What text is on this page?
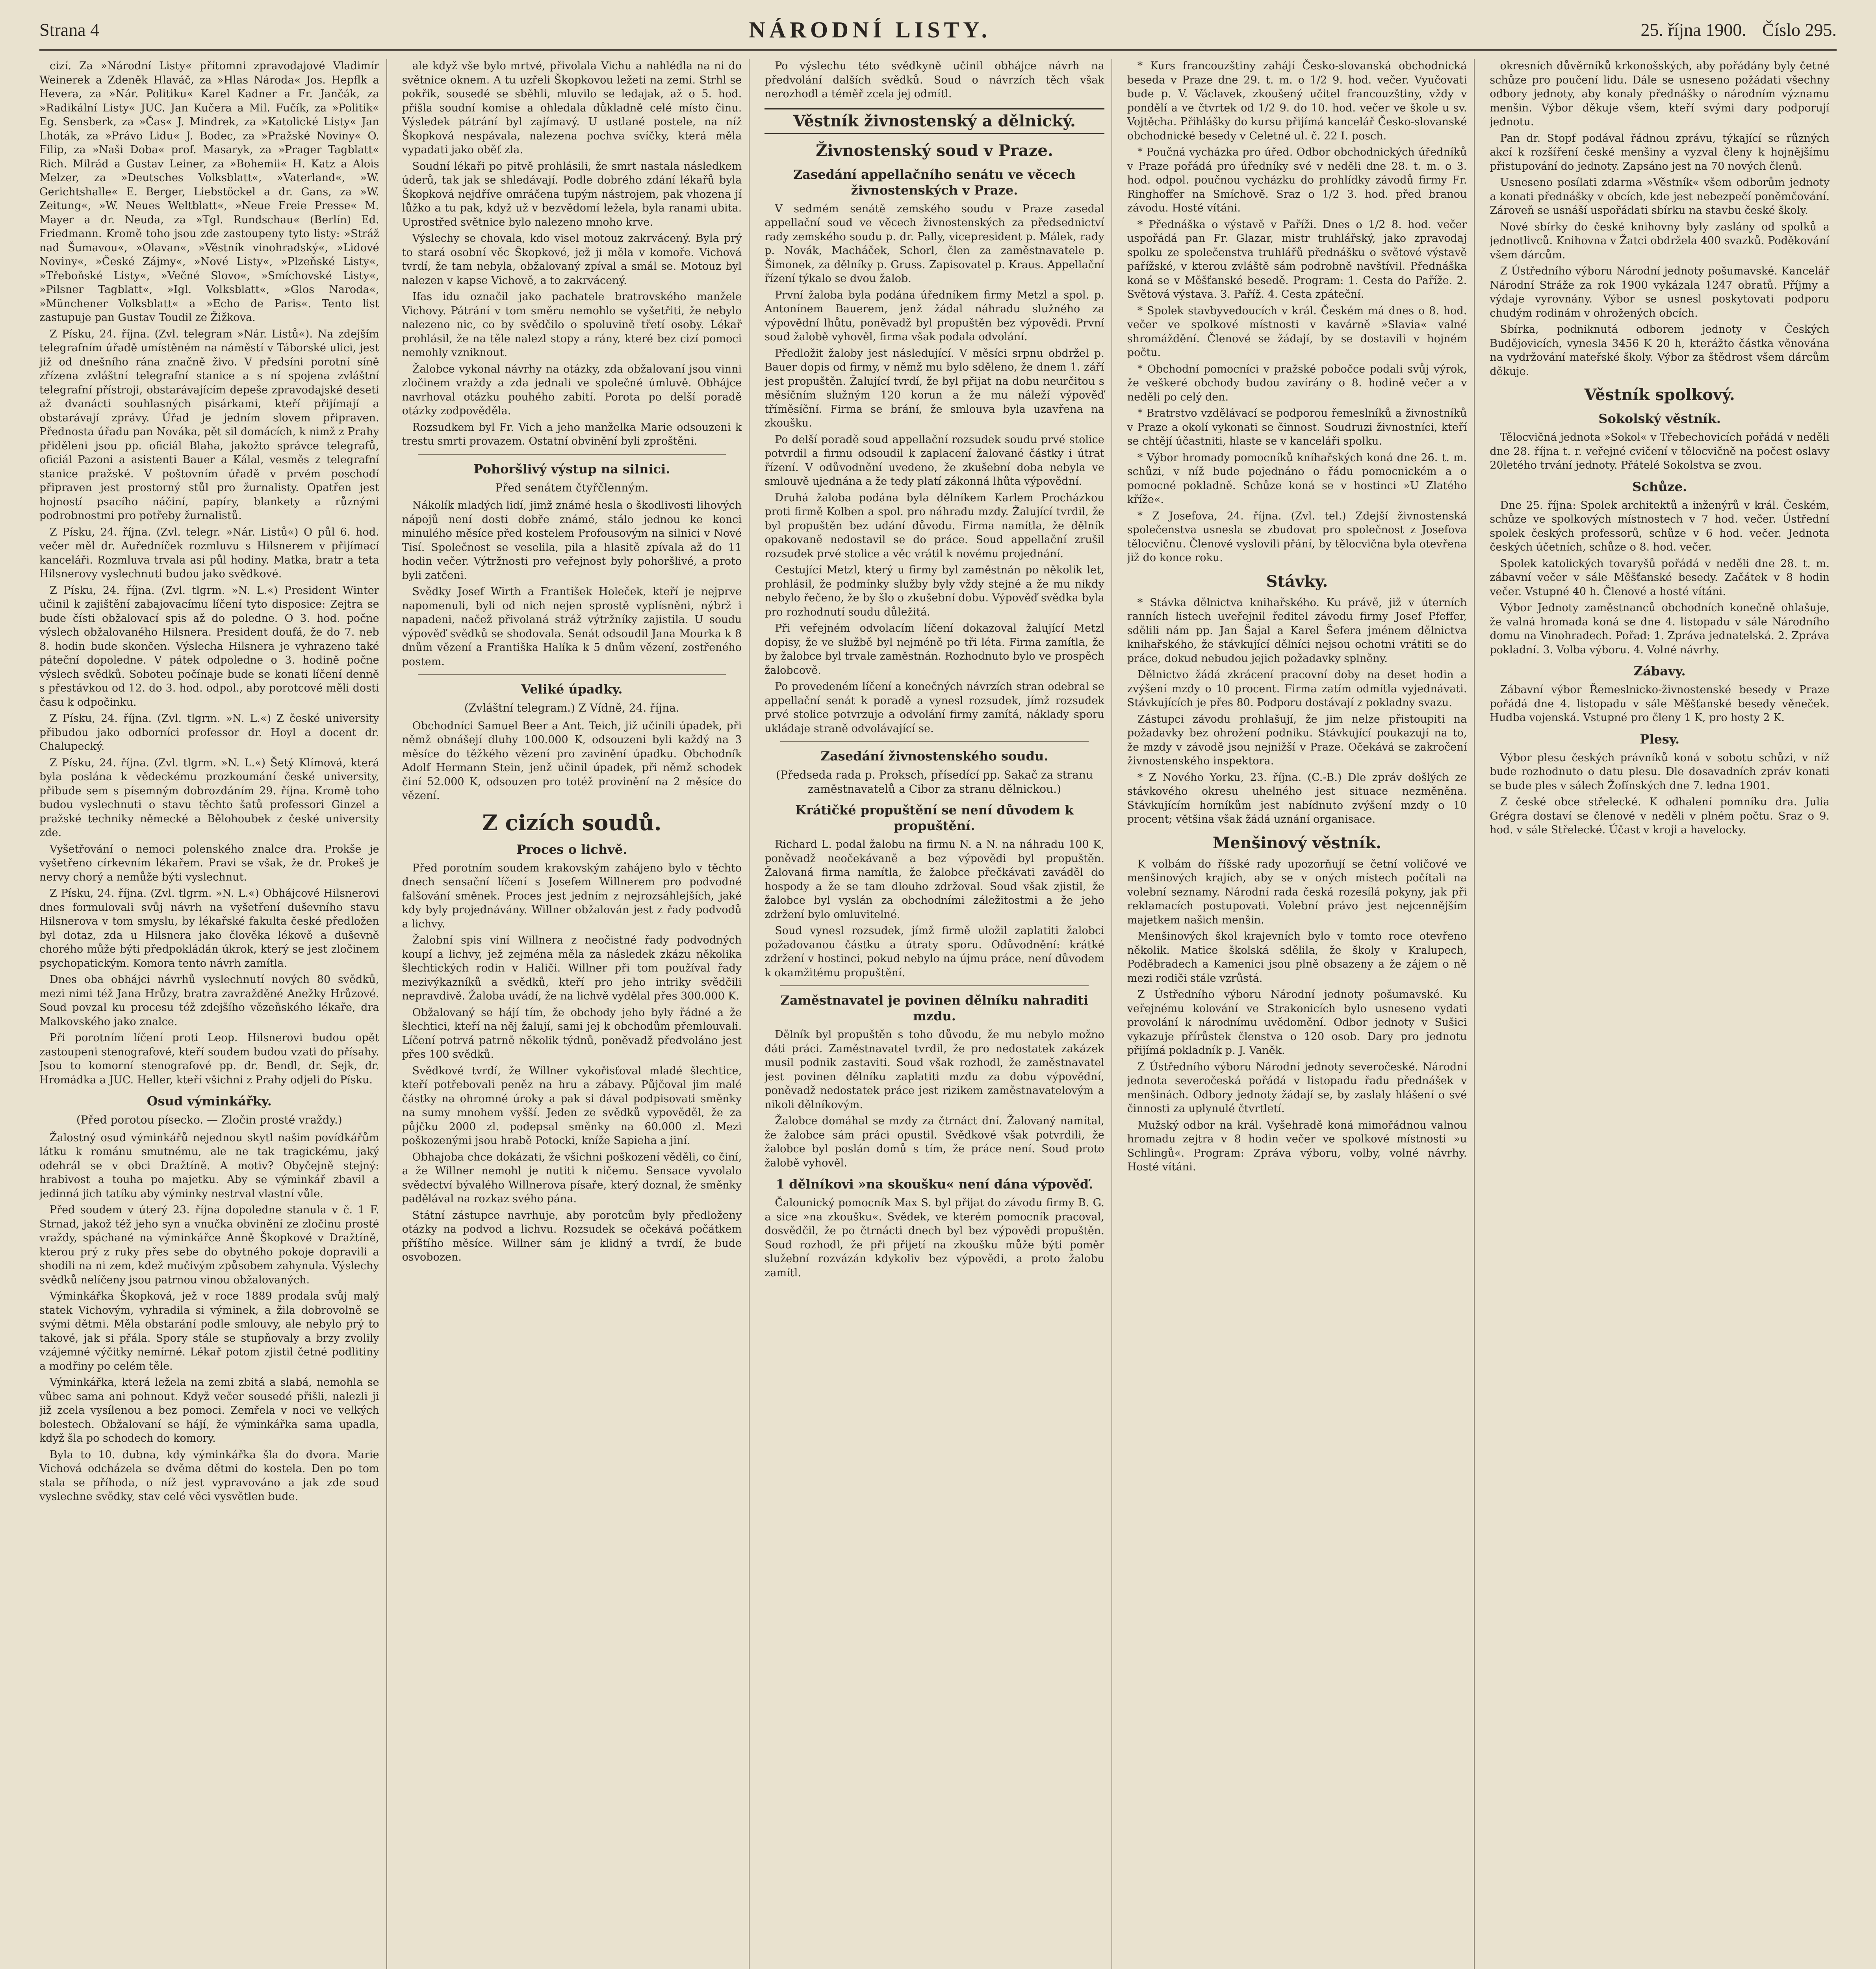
Strana 4	NÁRODNÍ LISTY.	25. října 1900. Číslo 295.

cizí. Za »Národní Listy« přítomni zpravodajové Vladimír Weinerek a Zdeněk Hlaváč, za »Hlas Národa« Jos. Hepflk a Hevera, za »Nár. Politiku« Karel Kadner a Fr. Jančák, za »Radikální Listy« JUC. Jan Kučera a Mil. Fučík, za »Politik« Eg. Sensberk, za »Čas« J. Mindrek, za »Katolické Listy« Jan Lhoták, za »Právo Lidu« J. Bodec, za »Pražské Noviny« O. Filip, za »Naši Doba« prof. Masaryk, za »Prager Tagblatt« Rich. Milrád a Gustav Leiner, za »Bohemii« H. Katz a Alois Melzer, za »Deutsches Volksblatt«, »Vaterland«, »W. Gerichtshalle« E. Berger, Liebstöckel a dr. Gans, za »W. Zeitung«, »W. Neues Weltblatt«, »Neue Freie Presse« M. Mayer a dr. Neuda, za »Tgl. Rundschau« (Berlín) Ed. Friedmann. Kromě toho jsou zde zastoupeny tyto listy: »Stráž nad Šumavou«, »Olavan«, »Věstník vinohradský«, »Lidové Noviny«, »České Zájmy«, »Nové Listy«, »Plzeňské Listy«, »Třeboňské Listy«, »Večné Slovo«, »Smíchovské Listy«, »Pilsner Tagblatt«, »Igl. Volksblatt«, »Glos Naroda«, »Münchener Volksblatt« a »Echo de Paris«. Tento list zastupuje pan Gustav Toudil ze Žižkova.

Z Písku, 24. října. (Zvl. telegram »Nár. Listů«). Na zdejším telegrafním úřadě umístěném na náměstí v Táborské ulici, jest již od dnešního rána značně živo. V předsíni porotní síně zřízena zvláštní telegrafní stanice a s ní spojena zvláštní telegrafní přístroji, obstarávajícím depeše zpravodajské deseti až dvanácti souhlasných pisárkami, kteří přijímají a obstarávají zprávy. Úřad je jedním slovem připraven. Přednosta úřadu pan Nováka, pět sil domácích, k nimž z Prahy přiděleni jsou pp. oficiál Blaha, jakožto správce telegrafů, oficiál Pazoni a asistenti Bauer a Kálal, vesměs z telegrafní stanice pražské. V poštovním úřadě v prvém poschodí připraven jest prostorný stůl pro žurnalisty. Opatřen jest hojností psacího náčiní, papíry, blankety a různými podrobnostmi pro potřeby žurnalistů.

Z Písku, 24. října. (Zvl. telegr. »Nár. Listů«) O půl 6. hod. večer měl dr. Auředníček rozmluvu s Hilsnerem v přijímací kanceláři. Rozmluva trvala asi půl hodiny. Matka, bratr a teta Hilsnerovy vyslechnuti budou jako svědkové.

Z Písku, 24. října. (Zvl. tlgrm. »N. L.«) President Winter učinil k zajištění zabajovacímu líčení tyto disposice: Zejtra se bude čísti obžalovací spis až do poledne. O 3. hod. počne výslech obžalovaného Hilsnera. President doufá, že do 7. neb 8. hodin bude skončen. Výslecha Hilsnera je vyhrazeno také páteční dopoledne. V pátek odpoledne o 3. hodině počne výslech svědků. Soboteu počínaje bude se konati líčení denně s přestávkou od 12. do 3. hod. odpol., aby porotcové měli dosti času k odpočinku.

Z Písku, 24. října. (Zvl. tlgrm. »N. L.«) Z české university přibudou jako odborníci professor dr. Hoyl a docent dr. Chalupecký.

Z Písku, 24. října. (Zvl. tlgrm. »N. L.«) Šetý Klímová, která byla poslána k vědeckému prozkoumání české university, přibude sem s písemným dobrozdáním 29. října. Kromě toho budou vyslechnuti o stavu těchto šatů professori Ginzel a pražské techniky německé a Bělohoubek z české university zde.

Vyšetřování o nemoci polenského znalce dra. Prokše je vyšetřeno církevním lékařem. Pravi se však, že dr. Prokeš je nervy chorý a nemůže býti vyslechnut.

Z Písku, 24. října. (Zvl. tlgrm. »N. L.«) Obhájcové Hilsnerovi dnes formulovali svůj návrh na vyšetření duševního stavu Hilsnerova v tom smyslu, by lékařské fakulta české předložen byl dotaz, zda u Hilsnera jako člověka lékově a duševně chorého může býti předpokládán úkrok, který se jest zločinem psychopatickým. Komora tento návrh zamítla.

Dnes oba obhájci návrhů vyslechnutí nových 80 svědků, mezi nimi též Jana Hrůzy, bratra zavražděné Anežky Hrůzové. Soud povzal ku procesu též zdejšího vězeňského lékaře, dra Malkovského jako znalce.

Při porotním líčení proti Leop. Hilsnerovi budou opět zastoupeni stenografové, kteří soudem budou vzati do přísahy. Jsou to komorní stenografové pp. dr. Bendl, dr. Sejk, dr. Hromádka a JUC. Heller, kteří všichni z Prahy odjeli do Písku.

Osud výminkářky.
(Před porotou písecko. — Zločin prosté vraždy.)

Žalostný osud výminkářů nejednou skytl našim povídkářům látku k románu smutnému, ale ne tak tragickému, jaký odehrál se v obci Dražtíně. A motiv? Obyčejně stejný: hrabivost a touha po majetku. Aby se výminkář zbavil a jedinná jich tatíku aby výminky nestrval vlastní vůle.

Před soudem v úterý 23. října dopoledne stanula v č. 1 F. Strnad, jakož též jeho syn a vnučka obvinění ze zločinu prosté vraždy, spáchané na výminkářce Anně Škopkové v Dražtíně, kterou prý z ruky přes sebe do obytného pokoje dopravili a shodili na ni zem, kdež mučivým způsobem zahynula. Výslechy svědků nelíčeny jsou patrnou vinou obžalovaných.

Výminkářka Škopková, jež v roce 1889 prodala svůj malý statek Vichovým, vyhradila si výminek, a žila dobrovolně se svými dětmi. Měla obstarání podle smlouvy, ale nebylo prý to takové, jak si přála. Spory stále se stupňovaly a brzy zvolily vzájemné výčitky nemírné. Lékař potom zjistil četné podlitiny a modřiny po celém těle.

Výminkářka, která ležela na zemi zbitá a slabá, nemohla se vůbec sama ani pohnout. Když večer sousedé přišli, nalezli ji již zcela vysílenou a bez pomoci. Zemřela v noci ve velkých bolestech. Obžalovaní se hájí, že výminkářka sama upadla, když šla po schodech do komory.

Byla to 10. dubna, kdy výminkářka šla do dvora. Marie Vichová odcházela se dvěma dětmi do kostela. Den po tom stala se příhoda, o níž jest vypravováno a jak zde soud vyslechne svědky, stav celé věci vysvětlen bude.

ale když vše bylo mrtvé, přivolala Vichu a nahlédla na ni do světnice oknem. A tu uzřeli Škopkovou ležeti na zemi. Strhl se pokřik, sousedé se sběhli, mluvilo se ledajak, až o 5. hod. přišla soudní komise a ohledala důkladně celé místo činu. Výsledek pátrání byl zajímavý. U ustlané postele, na níž Škopková nespávala, nalezena pochva svíčky, která měla vypadati jako oběť zla.

Soudní lékaři po pitvě prohlásili, že smrt nastala následkem úderů, tak jak se shledávají. Podle dobrého zdání lékařů byla Škopková nejdříve omráčena tupým nástrojem, pak vhozena jí lůžko a tu pak, když už v bezvědomí ležela, byla ranami ubita. Uprostřed světnice bylo nalezeno mnoho krve.

Výslechy se chovala, kdo visel motouz zakrvácený. Byla prý to stará osobní věc Škopkové, jež ji měla v komoře. Vichová tvrdí, že tam nebyla, obžalovaný zpíval a smál se. Motouz byl nalezen v kapse Vichově, a to zakrvácený.

Ifas idu označil jako pachatele bratrovského manžele Vichovy. Pátrání v tom směru nemohlo se vyšetřiti, že nebylo nalezeno nic, co by svědčilo o spoluvině třetí osoby. Lékař prohlásil, že na těle nalezl stopy a rány, které bez cizí pomoci nemohly vzniknout.

Žalobce vykonal návrhy na otázky, zda obžalovaní jsou vinni zločinem vraždy a zda jednali ve společné úmluvě. Obhájce navrhoval otázku pouhého zabití. Porota po delší poradě otázky zodpověděla.

Rozsudkem byl Fr. Vich a jeho manželka Marie odsouzeni k trestu smrti provazem. Ostatní obvinění byli zproštěni.

Pohoršlivý výstup na silnici.
Před senátem čtyřčlenným.

Nákolík mladých lidí, jimž známé hesla o škodlivosti lihových nápojů není dosti dobře známé, stálo jednou ke konci minulého měsíce před kostelem Profousovým na silnici v Nové Tisí. Společnost se veselila, pila a hlasitě zpívala až do 11 hodin večer. Výtržnosti pro veřejnost byly pohoršlivé, a proto byli zatčeni.

Svědky Josef Wirth a František Holeček, kteří je nejprve napomenuli, byli od nich nejen sprostě vyplísněni, nýbrž i napadeni, načež přivolaná stráž výtržníky zajistila. U soudu výpověď svědků se shodovala. Senát odsoudil Jana Mourka k 8 dnům vězení a Františka Halíka k 5 dnům vězení, zostřeného postem.

Veliké úpadky.
(Zvláštní telegram.) Z Vídně, 24. října.

Obchodníci Samuel Beer a Ant. Teich, již učinili úpadek, při němž obnášejí dluhy 100.000 K, odsouzeni byli každý na 3 měsíce do těžkého vězení pro zavinění úpadku. Obchodník Adolf Hermann Stein, jenž učinil úpadek, při němž schodek činí 52.000 K, odsouzen pro totéž provinění na 2 měsíce do vězení.

Z cizích soudů.
Proces o lichvě.

Před porotním soudem krakovským zahájeno bylo v těchto dnech sensační líčení s Josefem Willnerem pro podvodné falšování směnek. Proces jest jedním z nejrozsáhlejších, jaké kdy byly projednávány. Willner obžalován jest z řady podvodů a lichvy.

Žalobní spis viní Willnera z neočistné řady podvodných koupí a lichvy, jež zejména měla za následek zkázu několika šlechtických rodin v Haliči. Willner při tom používal řady mezivýkazníků a svědků, kteří pro jeho intriky svědčili nepravdivě. Žaloba uvádí, že na lichvě vydělal přes 300.000 K.

Obžalovaný se hájí tím, že obchody jeho byly řádné a že šlechtici, kteří na něj žalují, sami jej k obchodům přemlouvali. Líčení potrvá patrně několik týdnů, poněvadž předvoláno jest přes 100 svědků.

Svědkové tvrdí, že Willner vykořisťoval mladé šlechtice, kteří potřebovali peněz na hru a zábavy. Půjčoval jim malé částky na ohromné úroky a pak si dával podpisovati směnky na sumy mnohem vyšší. Jeden ze svědků vypověděl, že za půjčku 2000 zl. podepsal směnky na 60.000 zl. Mezi poškozenými jsou hrabě Potocki, kníže Sapieha a jiní.

Obhajoba chce dokázati, že všichni poškození věděli, co činí, a že Willner nemohl je nutiti k ničemu. Sensace vyvolalo svědectví bývalého Willnerova písaře, který doznal, že směnky padělával na rozkaz svého pána.

Státní zástupce navrhuje, aby porotcům byly předloženy otázky na podvod a lichvu. Rozsudek se očekává počátkem příštího měsíce. Willner sám je klidný a tvrdí, že bude osvobozen.

Po výslechu této svědkyně učinil obhájce návrh na předvolání dalších svědků. Soud o návrzích těch však nerozhodl a téměř zcela jej odmítl.

Věstník živnostenský a dělnický.
Živnostenský soud v Praze.
Zasedání appellačního senátu ve věcech živnostenských v Praze.

V sedmém senátě zemského soudu v Praze zasedal appellační soud ve věcech živnostenských za předsednictví rady zemského soudu p. dr. Pally, vicepresident p. Málek, rady p. Novák, Macháček, Schorl, člen za zaměstnavatele p. Šimonek, za dělníky p. Gruss. Zapisovatel p. Kraus. Appellační řízení týkalo se dvou žalob.

První žaloba byla podána úředníkem firmy Metzl a spol. p. Antonínem Bauerem, jenž žádal náhradu služného za výpovědní lhůtu, poněvadž byl propuštěn bez výpovědi. První soud žalobě vyhověl, firma však podala odvolání.

Předložit žaloby jest následující. V měsíci srpnu obdržel p. Bauer dopis od firmy, v němž mu bylo sděleno, že dnem 1. září jest propuštěn. Žalující tvrdí, že byl přijat na dobu neurčitou s měsíčním služným 120 korun a že mu náleží výpověď tříměsíční. Firma se brání, že smlouva byla uzavřena na zkoušku.

Po delší poradě soud appellační rozsudek soudu prvé stolice potvrdil a firmu odsoudil k zaplacení žalované částky i útrat řízení. V odůvodnění uvedeno, že zkušební doba nebyla ve smlouvě ujednána a že tedy platí zákonná lhůta výpovědní.

Druhá žaloba podána byla dělníkem Karlem Procházkou proti firmě Kolben a spol. pro náhradu mzdy. Žalující tvrdil, že byl propuštěn bez udání důvodu. Firma namítla, že dělník opakovaně nedostavil se do práce. Soud appellační zrušil rozsudek prvé stolice a věc vrátil k novému projednání.

Cestující Metzl, který u firmy byl zaměstnán po několik let, prohlásil, že podmínky služby byly vždy stejné a že mu nikdy nebylo řečeno, že by šlo o zkušební dobu. Výpověď svědka byla pro rozhodnutí soudu důležitá.

Při veřejném odvolacím líčení dokazoval žalující Metzl dopisy, že ve službě byl nejméně po tři léta. Firma zamítla, že by žalobce byl trvale zaměstnán. Rozhodnuto bylo ve prospěch žalobcově.

Po provedeném líčení a konečných návrzích stran odebral se appellační senát k poradě a vynesl rozsudek, jímž rozsudek prvé stolice potvrzuje a odvolání firmy zamítá, náklady sporu ukládaje straně odvolávající se.

Zasedání živnostenského soudu.
(Předseda rada p. Proksch, přísedící pp. Sakač za stranu zaměstnavatelů a Cibor za stranu dělnickou.)
Krátičké propuštění se není důvodem k propuštění.

Richard L. podal žalobu na firmu N. a N. na náhradu 100 K, poněvadž neočekávaně a bez výpovědi byl propuštěn. Žalovaná firma namítla, že žalobce přečkávati zaváděl do hospody a že se tam dlouho zdržoval. Soud však zjistil, že žalobce byl vyslán za obchodními záležitostmi a že jeho zdržení bylo omluvitelné.

Soud vynesl rozsudek, jímž firmě uložil zaplatiti žalobci požadovanou částku a útraty sporu. Odůvodnění: krátké zdržení v hostinci, pokud nebylo na újmu práce, není důvodem k okamžitému propuštění.

Zaměstnavatel je povinen dělníku nahraditi mzdu.

Dělník byl propuštěn s toho důvodu, že mu nebylo možno dáti práci. Zaměstnavatel tvrdil, že pro nedostatek zakázek musil podnik zastaviti. Soud však rozhodl, že zaměstnavatel jest povinen dělníku zaplatiti mzdu za dobu výpovědní, poněvadž nedostatek práce jest rizikem zaměstnavatelovým a nikoli dělníkovým.

Žalobce domáhal se mzdy za čtrnáct dní. Žalovaný namítal, že žalobce sám práci opustil. Svědkové však potvrdili, že žalobce byl poslán domů s tím, že práce není. Soud proto žalobě vyhověl.

1 dělníkovi »na skoušku« není dána výpověď.

Čalounický pomocník Max S. byl přijat do závodu firmy B. G. a sice »na zkoušku«. Svědek, ve kterém pomocník pracoval, dosvědčil, že po čtrnácti dnech byl bez výpovědi propuštěn. Soud rozhodl, že při přijetí na zkoušku může býti poměr služební rozvázán kdykoliv bez výpovědi, a proto žalobu zamítl.

* Kurs francouzštiny zahájí Česko-slovanská obchodnická beseda v Praze dne 29. t. m. o 1/2 9. hod. večer. Vyučovati bude p. V. Václavek, zkoušený učitel francouzštiny, vždy v pondělí a ve čtvrtek od 1/2 9. do 10. hod. večer ve škole u sv. Vojtěcha. Přihlášky do kursu přijímá kancelář Česko-slovanské obchodnické besedy v Celetné ul. č. 22 I. posch.

* Poučná vycházka pro úřed. Odbor obchodnických úředníků v Praze pořádá pro úředníky své v neděli dne 28. t. m. o 3. hod. odpol. poučnou vycházku do prohlídky závodů firmy Fr. Ringhoffer na Smíchově. Sraz o 1/2 3. hod. před branou závodu. Hosté vítáni.

* Přednáška o výstavě v Paříži. Dnes o 1/2 8. hod. večer uspořádá pan Fr. Glazar, mistr truhlářský, jako zpravodaj spolku ze společenstva truhlářů přednášku o světové výstavě pařížské, v kterou zvláště sám podrobně navštívil. Přednáška koná se v Měšťanské besedě. Program: 1. Cesta do Paříže. 2. Světová výstava. 3. Paříž. 4. Cesta zpáteční.

* Spolek stavbyvedoucích v král. Českém má dnes o 8. hod. večer ve spolkové místnosti v kavárně »Slavia« valné shromáždění. Členové se žádají, by se dostavili v hojném počtu.

* Obchodní pomocníci v pražské pobočce podali svůj výrok, že veškeré obchody budou zavírány o 8. hodině večer a v neděli po celý den.

* Bratrstvo vzdělávací se podporou řemeslníků a živnostníků v Praze a okolí vykonati se činnost. Soudruzi živnostníci, kteří se chtějí účastniti, hlaste se v kanceláři spolku.

* Výbor hromady pomocníků kníhařských koná dne 26. t. m. schůzi, v níž bude pojednáno o řádu pomocnickém a o pomocné pokladně. Schůze koná se v hostinci »U Zlatého kříže«.

* Z Josefova, 24. října. (Zvl. tel.) Zdejší živnostenská společenstva usnesla se zbudovat pro společnost z Josefova tělocvičnu. Členové vyslovili přání, by tělocvična byla otevřena již do konce roku.

Stávky.

* Stávka dělnictva knihařského. Ku právě, již v úterních ranních listech uveřejnil ředitel závodu firmy Josef Pfeffer, sdělili nám pp. Jan Šajal a Karel Šefera jménem dělnictva knihařského, že stávkující dělníci nejsou ochotni vrátiti se do práce, dokud nebudou jejich požadavky splněny.

Dělnictvo žádá zkrácení pracovní doby na deset hodin a zvýšení mzdy o 10 procent. Firma zatím odmítla vyjednávati. Stávkujících je přes 80. Podporu dostávají z pokladny svazu.

Zástupci závodu prohlašují, že jim nelze přistoupiti na požadavky bez ohrožení podniku. Stávkující poukazují na to, že mzdy v závodě jsou nejnižší v Praze. Očekává se zakročení živnostenského inspektora.

* Z Nového Yorku, 23. října. (C.-B.) Dle zpráv došlých ze stávkového okresu uhelného jest situace nezměněna. Stávkujícím horníkům jest nabídnuto zvýšení mzdy o 10 procent; většina však žádá uznání organisace.

Menšinový věstník.

K volbám do říšské rady upozorňují se četní voličové ve menšinových krajích, aby se v oných místech počítali na volební seznamy. Národní rada česká rozesílá pokyny, jak při reklamacích postupovati. Volební právo jest nejcennějším majetkem našich menšin.

Menšinových škol krajevních bylo v tomto roce otevřeno několik. Matice školská sdělila, že školy v Kralupech, Poděbradech a Kamenici jsou plně obsazeny a že zájem o ně mezi rodiči stále vzrůstá.

Z Ústředního výboru Národní jednoty pošumavské. Ku veřejnému kolování ve Strakonicích bylo usneseno vydati provolání k národnímu uvědomění. Odbor jednoty v Sušici vykazuje přírůstek členstva o 120 osob. Dary pro jednotu přijímá pokladník p. J. Vaněk.

Z Ústředního výboru Národní jednoty severočeské. Národní jednota severočeská pořádá v listopadu řadu přednášek v menšinách. Odbory jednoty žádají se, by zaslaly hlášení o své činnosti za uplynulé čtvrtletí.

Mužský odbor na král. Vyšehradě koná mimořádnou valnou hromadu zejtra v 8 hodin večer ve spolkové místnosti »u Schlingů«. Program: Zpráva výboru, volby, volné návrhy. Hosté vítáni.

okresních důvěrníků krkonošských, aby pořádány byly četné schůze pro poučení lidu. Dále se usneseno požádati všechny odbory jednoty, aby konaly přednášky o národním významu menšin. Výbor děkuje všem, kteří svými dary podporují jednotu.

Pan dr. Stopf podával řádnou zprávu, týkající se různých akcí k rozšíření české menšiny a vyzval členy k hojnějšímu přistupování do jednoty. Zapsáno jest na 70 nových členů.

Usneseno posílati zdarma »Věstník« všem odborům jednoty a konati přednášky v obcích, kde jest nebezpečí poněmčování. Zároveň se usnáší uspořádati sbírku na stavbu české školy.

Nové sbírky do české knihovny byly zaslány od spolků a jednotlivců. Knihovna v Žatci obdržela 400 svazků. Poděkování všem dárcům.

Z Ústředního výboru Národní jednoty pošumavské. Kancelář Národní Stráže za rok 1900 vykázala 1247 obratů. Příjmy a výdaje vyrovnány. Výbor se usnesl poskytovati podporu chudým rodinám v ohrožených obcích.

Sbírka, podniknutá odborem jednoty v Českých Budějovicích, vynesla 3456 K 20 h, kterážto částka věnována na vydržování mateřské školy. Výbor za štědrost všem dárcům děkuje.

Věstník spolkový.
Sokolský věstník.

Tělocvičná jednota »Sokol« v Třebechovicích pořádá v neděli dne 28. října t. r. veřejné cvičení v tělocvičně na počest oslavy 20letého trvání jednoty. Přátelé Sokolstva se zvou.

Schůze.

Dne 25. října: Spolek architektů a inženýrů v král. Českém, schůze ve spolkových místnostech v 7 hod. večer. Ústřední spolek českých professorů, schůze v 6 hod. večer. Jednota českých účetních, schůze o 8. hod. večer.

Spolek katolických tovaryšů pořádá v neděli dne 28. t. m. zábavní večer v sále Měšťanské besedy. Začátek v 8 hodin večer. Vstupné 40 h. Členové a hosté vítáni.

Výbor Jednoty zaměstnanců obchodních konečně ohlašuje, že valná hromada koná se dne 4. listopadu v sále Národního domu na Vinohradech. Pořad: 1. Zpráva jednatelská. 2. Zpráva pokladní. 3. Volba výboru. 4. Volné návrhy.

Zábavy.

Zábavní výbor Řemeslnicko-živnostenské besedy v Praze pořádá dne 4. listopadu v sále Měšťanské besedy věneček. Hudba vojenská. Vstupné pro členy 1 K, pro hosty 2 K.

Plesy.

Výbor plesu českých právníků koná v sobotu schůzi, v níž bude rozhodnuto o datu plesu. Dle dosavadních zpráv konati se bude ples v sálech Žofínských dne 7. ledna 1901.

Z české obce střelecké. K odhalení pomníku dra. Julia Grégra dostaví se členové v neděli v plném počtu. Sraz o 9. hod. v sále Střelecké. Účast v kroji a havelocky.
